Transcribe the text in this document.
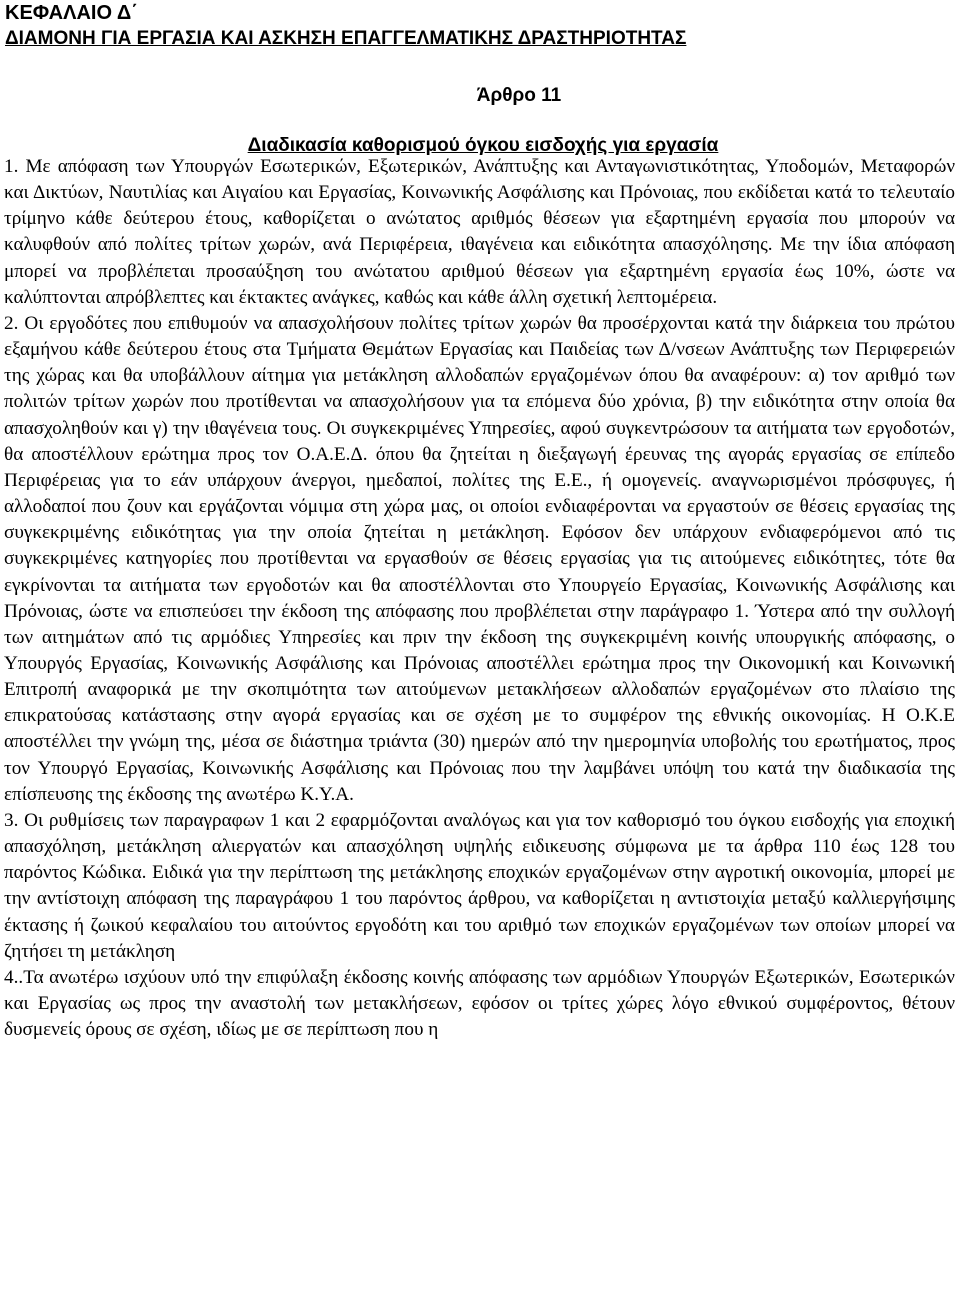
ΚΕΦΑΛΑΙΟ Δ΄
ΔΙΑΜΟΝΗ ΓΙΑ ΕΡΓΑΣΙΑ ΚΑΙ ΑΣΚΗΣΗ ΕΠΑΓΓΕΛΜΑΤΙΚΗΣ ΔΡΑΣΤΗΡΙΟΤΗΤΑΣ
Άρθρο 11
Διαδικασία καθορισμού όγκου εισδοχής για εργασία

1. Με απόφαση των Υπουργών Εσωτερικών, Εξωτερικών, Ανάπτυξης και Ανταγωνιστικότητας, Υποδομών, Μεταφορών και Δικτύων, Ναυτιλίας και Αιγαίου και Εργασίας, Κοινωνικής Ασφάλισης και Πρόνοιας, που εκδίδεται κατά το τελευταίο τρίμηνο κάθε δεύτερου έτους, καθορίζεται ο ανώτατος αριθμός θέσεων για εξαρτημένη εργασία που μπορούν να καλυφθούν από πολίτες τρίτων χωρών, ανά Περιφέρεια, ιθαγένεια και ειδικότητα απασχόλησης. Με την ίδια απόφαση μπορεί να προβλέπεται προσαύξηση του ανώτατου αριθμού θέσεων για εξαρτημένη εργασία έως 10%, ώστε να καλύπτονται απρόβλεπτες και έκτακτες ανάγκες, καθώς και κάθε άλλη σχετική λεπτομέρεια.

2. Οι εργοδότες που επιθυμούν να απασχολήσουν πολίτες τρίτων χωρών θα προσέρχονται κατά την διάρκεια του πρώτου εξαμήνου κάθε δεύτερου έτους στα Τμήματα Θεμάτων Εργασίας και Παιδείας των Δ/νσεων Ανάπτυξης των Περιφερειών της χώρας και θα υποβάλλουν αίτημα για μετάκληση αλλοδαπών εργαζομένων όπου θα αναφέρουν: α) τον αριθμό των πολιτών τρίτων χωρών που προτίθενται να απασχολήσουν για τα επόμενα δύο χρόνια, β) την ειδικότητα στην οποία θα απασχοληθούν και γ) την ιθαγένεια τους. Οι συγκεκριμένες Υπηρεσίες, αφού συγκεντρώσουν τα αιτήματα των εργοδοτών, θα αποστέλλουν ερώτημα προς τον Ο.Α.Ε.Δ. όπου θα ζητείται η διεξαγωγή έρευνας της αγοράς εργασίας σε επίπεδο Περιφέρειας για το εάν υπάρχουν άνεργοι, ημεδαποί, πολίτες της Ε.Ε., ή ομογενείς. αναγνωρισμένοι πρόσφυγες, ή αλλοδαποί που ζουν και εργάζονται νόμιμα στη χώρα μας, οι οποίοι ενδιαφέρονται να εργαστούν σε θέσεις εργασίας της συγκεκριμένης ειδικότητας για την οποία ζητείται η μετάκληση. Εφόσον δεν υπάρχουν ενδιαφερόμενοι από τις συγκεκριμένες κατηγορίες που προτίθενται να εργασθούν σε θέσεις εργασίας για τις αιτούμενες ειδικότητες, τότε θα εγκρίνονται τα αιτήματα των εργοδοτών και θα αποστέλλονται στο Υπουργείο Εργασίας, Κοινωνικής Ασφάλισης και Πρόνοιας, ώστε να επισπεύσει την έκδοση της απόφασης που προβλέπεται στην παράγραφο 1. Ύστερα από την συλλογή των αιτημάτων από τις αρμόδιες Υπηρεσίες και πριν την έκδοση της συγκεκριμένη κοινής υπουργικής απόφασης, ο Υπουργός Εργασίας, Κοινωνικής Ασφάλισης και Πρόνοιας αποστέλλει ερώτημα προς την Οικονομική και Κοινωνική Επιτροπή αναφορικά με την σκοπιμότητα των αιτούμενων μετακλήσεων αλλοδαπών εργαζομένων στο πλαίσιο της επικρατούσας κατάστασης στην αγορά εργασίας και σε σχέση με το συμφέρον της εθνικής οικονομίας. Η Ο.Κ.Ε αποστέλλει την γνώμη της, μέσα σε διάστημα τριάντα (30) ημερών από την ημερομηνία υποβολής του ερωτήματος, προς τον Υπουργό Εργασίας, Κοινωνικής Ασφάλισης και Πρόνοιας που την λαμβάνει υπόψη του κατά την διαδικασία της επίσπευσης της έκδοσης της ανωτέρω Κ.Υ.Α.

3. Οι ρυθμίσεις των παραγραφων 1 και 2 εφαρμόζονται αναλόγως και για τον καθορισμό του όγκου εισδοχής για εποχική απασχόληση, μετάκληση αλιεργατών και απασχόληση υψηλής ειδικευσης σύμφωνα με τα άρθρα 110 έως 128 του παρόντος Κώδικα. Ειδικά για την περίπτωση της μετάκλησης εποχικών εργαζομένων στην αγροτική οικονομία, μπορεί με την αντίστοιχη απόφαση της παραγράφου 1 του παρόντος άρθρου, να καθορίζεται η αντιστοιχία μεταξύ καλλιεργήσιμης έκτασης ή ζωικού κεφαλαίου του αιτούντος εργοδότη και του αριθμό των εποχικών εργαζομένων των οποίων μπορεί να ζητήσει τη μετάκληση

4..Τα ανωτέρω ισχύουν υπό την επιφύλαξη έκδοσης κοινής απόφασης των αρμόδιων Υπουργών Εξωτερικών, Εσωτερικών και Εργασίας ως προς την αναστολή των μετακλήσεων, εφόσον οι τρίτες χώρες λόγο εθνικού συμφέροντος, θέτουν δυσμενείς όρους σε σχέση, ιδίως με σε περίπτωση που η
